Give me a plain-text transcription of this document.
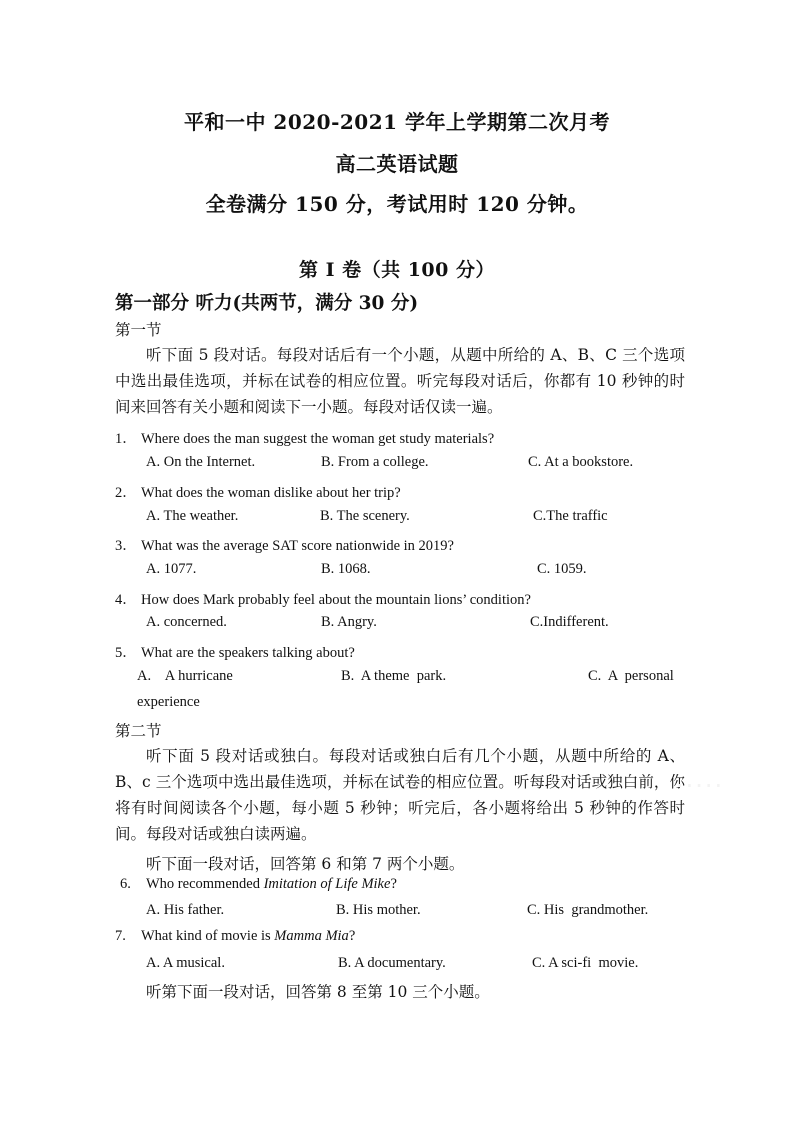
平和一中 2020-2021 学年上学期第二次月考
高二英语试题
全卷满分 150 分，考试用时 120 分钟。
第 I 卷（共 100 分）
第一部分 听力(共两节，满分 30 分)
第一节
听下面 5 段对话。每段对话后有一个小题，从题中所给的 A、B、C 三个选项中选出最佳选项，并标在试卷的相应位置。听完每段对话后，你都有 10 秒钟的时间来回答有关小题和阅读下一小题。每段对话仅读一遍。
1． Where does the man suggest the woman get study materials?
A. On the Internet.	B. From a college.	C. At a bookstore.
2． What does the woman dislike about her trip?
A. The weather.	B. The scenery.	C.The traffic
3． What was the average SAT score nationwide in 2019?
A. 1077.	B. 1068.	C. 1059.
4． How does Mark probably feel about the mountain lions’ condition?
A. concerned.	B. Angry.	C.Indifferent.
5． What are the speakers talking about?
A.    A hurricane	B.  A theme  park.	C.  A  personal
experience
第二节
听下面 5 段对话或独白。每段对话或独白后有几个小题，从题中所给的 A、B、c 三个选项中选出最佳选项，并标在试卷的相应位置。听每段对话或独白前，你将有时间阅读各个小题，每小题 5 秒钟；听完后，各小题将给出 5 秒钟的作答时间。每段对话或独白读两遍。
·····
听下面一段对话，回答第 6 和第 7 两个小题。
6. Who recommended Imitation of Life Mike?
A. His father.	B. His mother.	C. His  grandmother.
7. What kind of movie is Mamma Mia?
A. A musical.	B. A documentary.	C. A sci-fi  movie.
听第下面一段对话，回答第 8 至第 10 三个小题。
